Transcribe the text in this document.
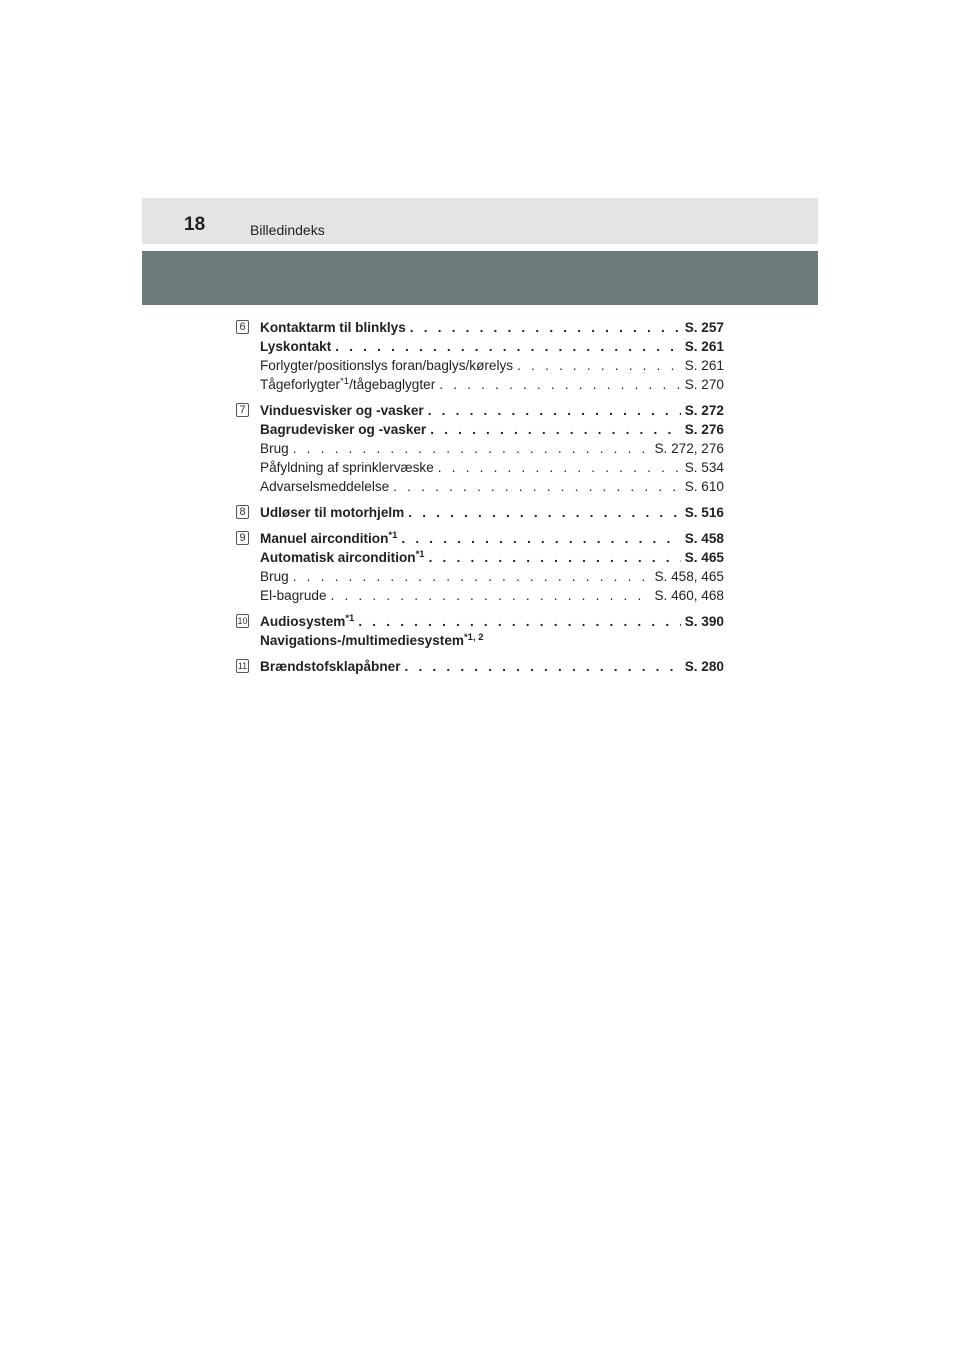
18	Billedindeks
6 Kontaktarm til blinklys . . .	S. 257
Lyskontakt . . .	S. 261
Forlygter/positionslys foran/baglys/kørelys . . .	S. 261
Tågeforlygter$^{*1}$/tågebaglygter . . .	S. 270
7 Vinduesvisker og -vasker . . .	S. 272
Bagrudevisker og -vasker . . .	S. 276
Brug . . .	S. 272, 276
Påfyldning af sprinklervæske . . .	S. 534
Advarselsmeddelelse . . .	S. 610
8 Udløser til motorhjelm . . .	S. 516
9 Manuel aircondition$^{*1}$ . . .	S. 458
Automatisk aircondition$^{*1}$ . . .	S. 465
Brug . . .	S. 458, 465
El-bagrude . . .	S. 460, 468
10 Audiosystem$^{*1}$ . . .	S. 390
Navigations-/multimediesystem$^{*1, 2}$
11 Brændstofsklapåbner . . .	S. 280
